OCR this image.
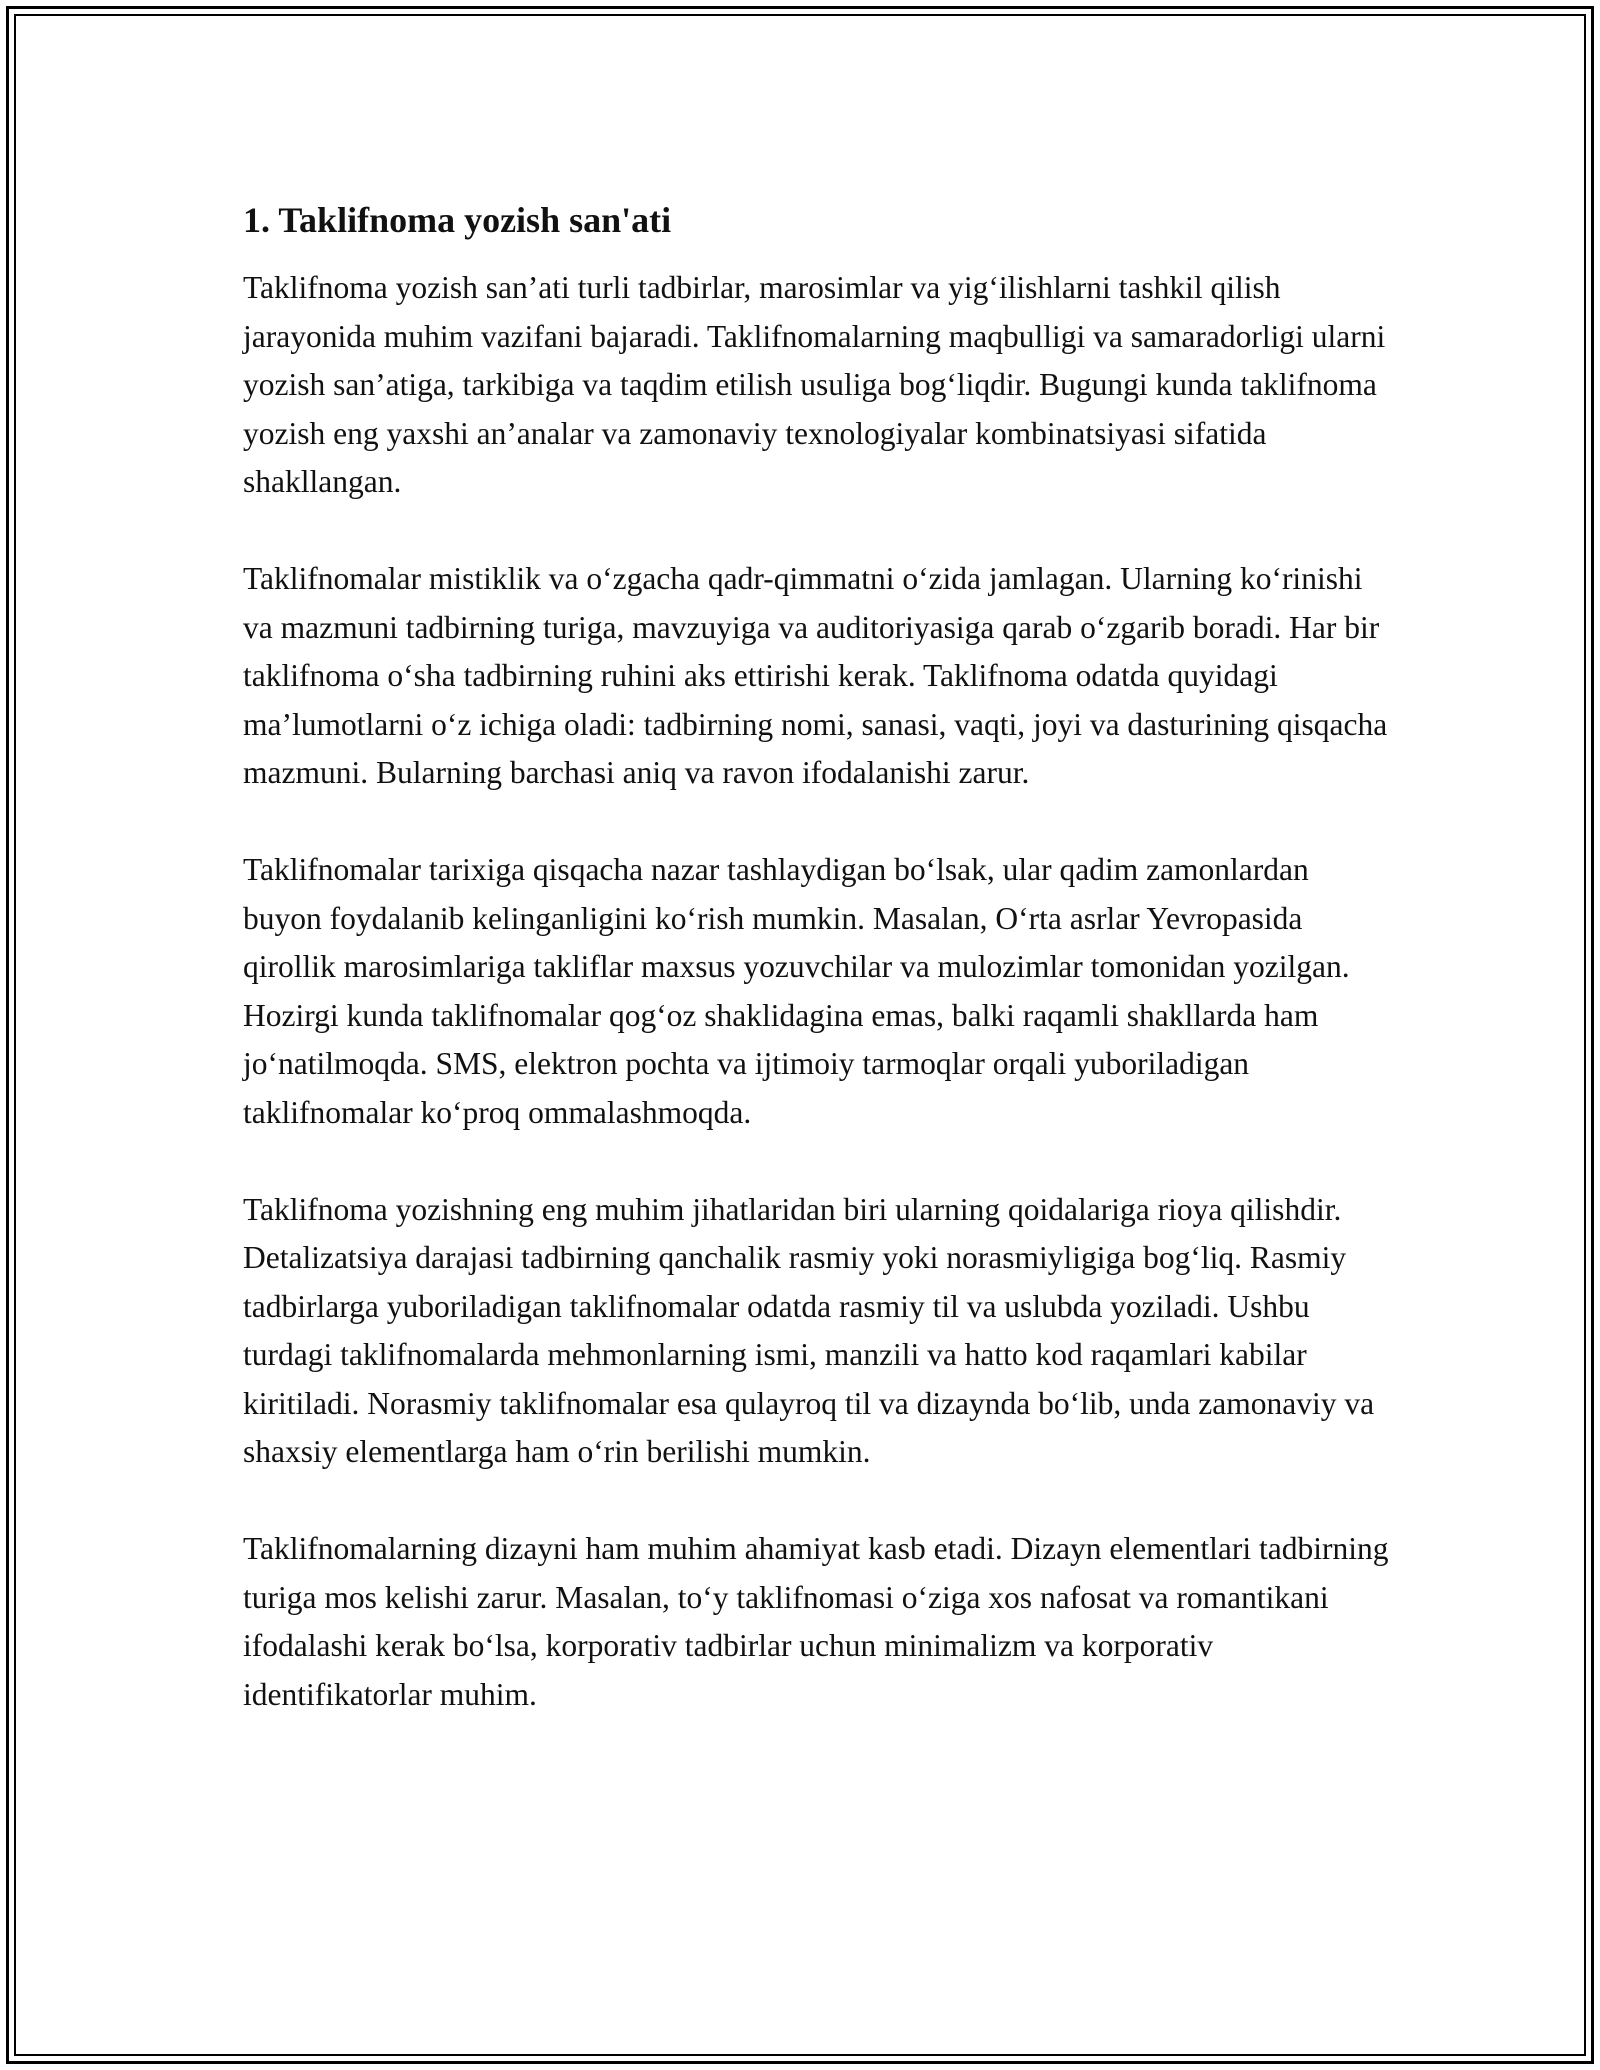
1. Taklifnoma yozish san'ati

Taklifnoma yozish san’ati turli tadbirlar, marosimlar va yig‘ilishlarni tashkil qilish jarayonida muhim vazifani bajaradi. Taklifnomalarning maqbulligi va samaradorligi ularni yozish san’atiga, tarkibiga va taqdim etilish usuliga bog‘liqdir. Bugungi kunda taklifnoma yozish eng yaxshi an’analar va zamonaviy texnologiyalar kombinatsiyasi sifatida shakllangan.

Taklifnomalar mistiklik va o‘zgacha qadr-qimmatni o‘zida jamlagan. Ularning ko‘rinishi va mazmuni tadbirning turiga, mavzuyiga va auditoriyasiga qarab o‘zgarib boradi. Har bir taklifnoma o‘sha tadbirning ruhini aks ettirishi kerak. Taklifnoma odatda quyidagi ma’lumotlarni o‘z ichiga oladi: tadbirning nomi, sanasi, vaqti, joyi va dasturining qisqacha mazmuni. Bularning barchasi aniq va ravon ifodalanishi zarur.

Taklifnomalar tarixiga qisqacha nazar tashlaydigan bo‘lsak, ular qadim zamonlardan buyon foydalanib kelinganligini ko‘rish mumkin. Masalan, O‘rta asrlar Yevropasida qirollik marosimlariga takliflar maxsus yozuvchilar va mulozimlar tomonidan yozilgan. Hozirgi kunda taklifnomalar qog‘oz shaklidagina emas, balki raqamli shakllarda ham jo‘natilmoqda. SMS, elektron pochta va ijtimoiy tarmoqlar orqali yuboriladigan taklifnomalar ko‘proq ommalashmoqda.

Taklifnoma yozishning eng muhim jihatlaridan biri ularning qoidalariga rioya qilishdir. Detalizatsiya darajasi tadbirning qanchalik rasmiy yoki norasmiyligiga bog‘liq. Rasmiy tadbirlarga yuboriladigan taklifnomalar odatda rasmiy til va uslubda yoziladi. Ushbu turdagi taklifnomalarda mehmonlarning ismi, manzili va hatto kod raqamlari kabilar kiritiladi. Norasmiy taklifnomalar esa qulayroq til va dizaynda bo‘lib, unda zamonaviy va shaxsiy elementlarga ham o‘rin berilishi mumkin.

Taklifnomalarning dizayni ham muhim ahamiyat kasb etadi. Dizayn elementlari tadbirning turiga mos kelishi zarur. Masalan, to‘y taklifnomasi o‘ziga xos nafosat va romantikani ifodalashi kerak bo‘lsa, korporativ tadbirlar uchun minimalizm va korporativ identifikatorlar muhim.
